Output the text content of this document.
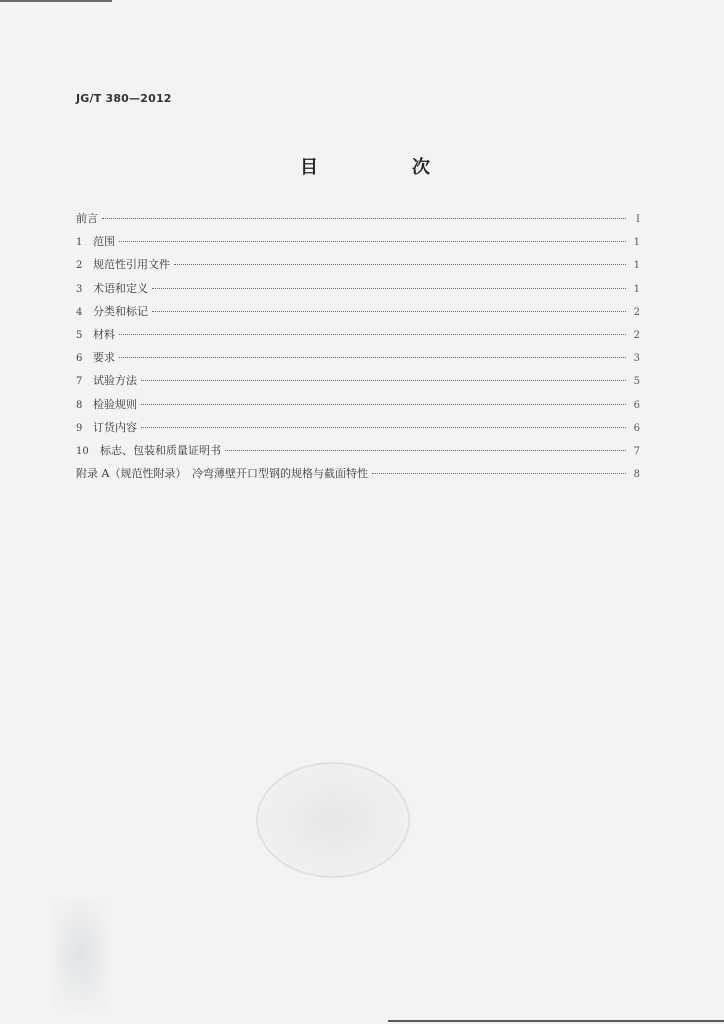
JG/T 380—2012
目　次
前言	Ⅰ
1 范围	1
2 规范性引用文件	1
3 术语和定义	1
4 分类和标记	2
5 材料	2
6 要求	3
7 试验方法	5
8 检验规则	6
9 订货内容	6
10	标志、包装和质量证明书	7
附录 A（规范性附录）　冷弯薄壁开口型钢的规格与截面特性	8
